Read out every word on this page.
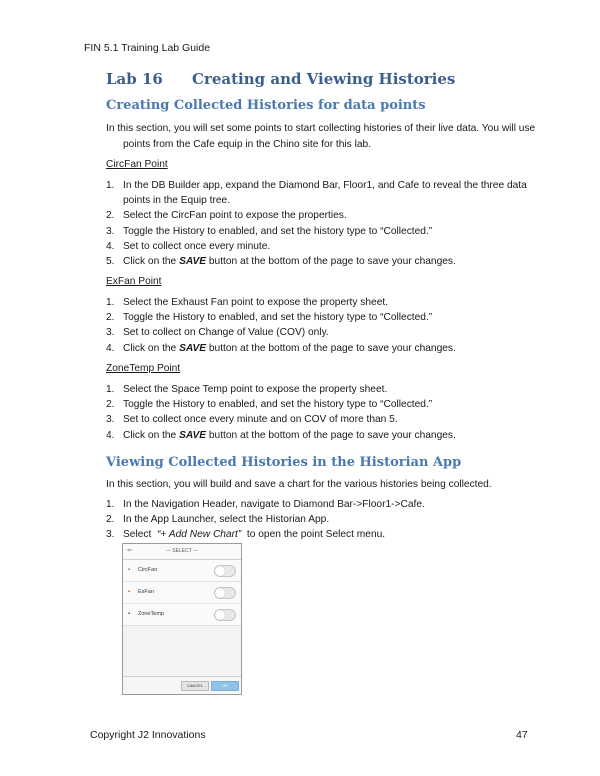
FIN 5.1 Training Lab Guide
Lab 16 Creating and Viewing Histories
Creating Collected Histories for data points
In this section, you will set some points to start collecting histories of their live data. You will use
points from the Cafe equip in the Chino site for this lab.
CircFan Point
1. In the DB Builder app, expand the Diamond Bar, Floor1, and Cafe to reveal the three data
points in the Equip tree.
2. Select the CircFan point to expose the properties.
3. Toggle the History to enabled, and set the history type to “Collected.”
4. Set to collect once every minute.
5. Click on the SAVE button at the bottom of the page to save your changes.
ExFan Point
1. Select the Exhaust Fan point to expose the property sheet.
2. Toggle the History to enabled, and set the history type to “Collected.”
3. Set to collect on Change of Value (COV) only.
4. Click on the SAVE button at the bottom of the page to save your changes.
ZoneTemp Point
1. Select the Space Temp point to expose the property sheet.
2. Toggle the History to enabled, and set the history type to “Collected.”
3. Set to collect once every minute and on COV of more than 5.
4. Click on the SAVE button at the bottom of the page to save your changes.
Viewing Collected Histories in the Historian App
In this section, you will build and save a chart for the various histories being collected.
1. In the Navigation Header, navigate to Diamond Bar->Floor1->Cafe.
2. In the App Launcher, select the Historian App.
3. Select  “+ Add New Chart”  to open the point Select menu.
⇦	--- SELECT ---
▪ CircFan
▪ ExFan
▪ ZoneTemp
CANCEL	OK
Copyright J2 Innovations	47
